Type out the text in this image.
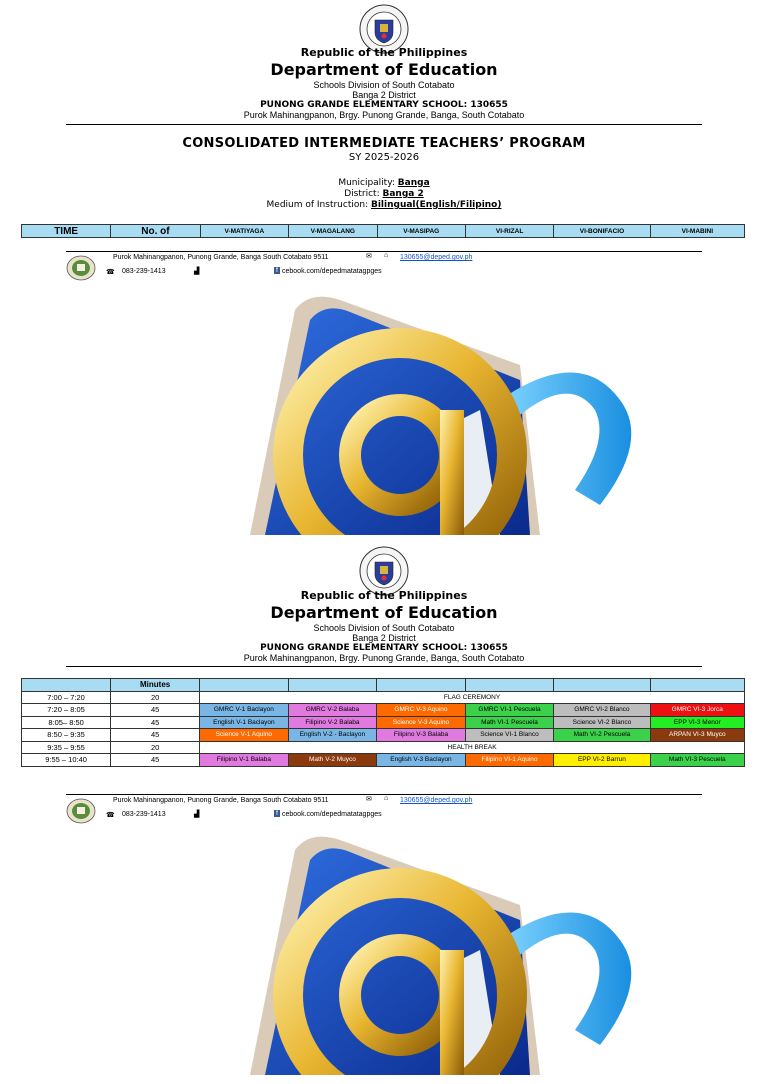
Republic of the Philippines
Department of Education
Schools Division of South Cotabato
Banga 2 District
PUNONG GRANDE ELEMENTARY SCHOOL: 130655
Purok Mahinangpanon, Brgy. Punong Grande, Banga, South Cotabato
CONSOLIDATED INTERMEDIATE TEACHERS’ PROGRAM
SY 2025-2026
Municipality: Banga
District: Banga 2
Medium of Instruction: Bilingual(English/Filipino)
TIME	No. of	V-MATIYAGA	V-MAGALANG	V-MASIPAG	VI-RIZAL	VI-BONIFACIO	VI-MABINI
Purok Mahinangpanon, Punong Grande, Banga South Cotabato 9511	✉ ⌂ 130655@deped.gov.ph
☎ 083-239-1413	▟	f cebook.com/depedmatatagpges
Republic of the Philippines
Department of Education
Schools Division of South Cotabato
Banga 2 District
PUNONG GRANDE ELEMENTARY SCHOOL: 130655
Purok Mahinangpanon, Brgy. Punong Grande, Banga, South Cotabato
	Minutes						
7:00 – 7:20	20	FLAG CEREMONY					
7:20 – 8:05	45	GMRC V-1 Baclayon	GMRC V-2 Balaba	GMRC V-3 Aquino	GMRC VI-1 Pescuela	GMRC VI-2 Blanco	GMRC VI-3 Jorca
8:05– 8:50	45	English V-1 Baclayon	Filipino V-2 Balaba	Science V-3 Aquino	Math VI-1 Pescuela	Science VI-2 Blanco	EPP VI-3 Menor
8:50 – 9:35	45	Science V-1 Aquino	English V-2 - Baclayon	Filipino V-3 Balaba	Science VI-1 Blanco	Math VI-2 Pescuela	ARPAN VI-3 Muyco
9:35 – 9:55	20	HEALTH BREAK					
9:55 – 10:40	45	Filipino V-1 Balaba	Math V-2 Muyco	English V-3 Baclayon	Filipino VI-1 Aquino	EPP VI-2 Barrun	Math VI-3 Pescuela
Purok Mahinangpanon, Punong Grande, Banga South Cotabato 9511	✉ ⌂ 130655@deped.gov.ph
☎ 083-239-1413	▟	f cebook.com/depedmatatagpges
